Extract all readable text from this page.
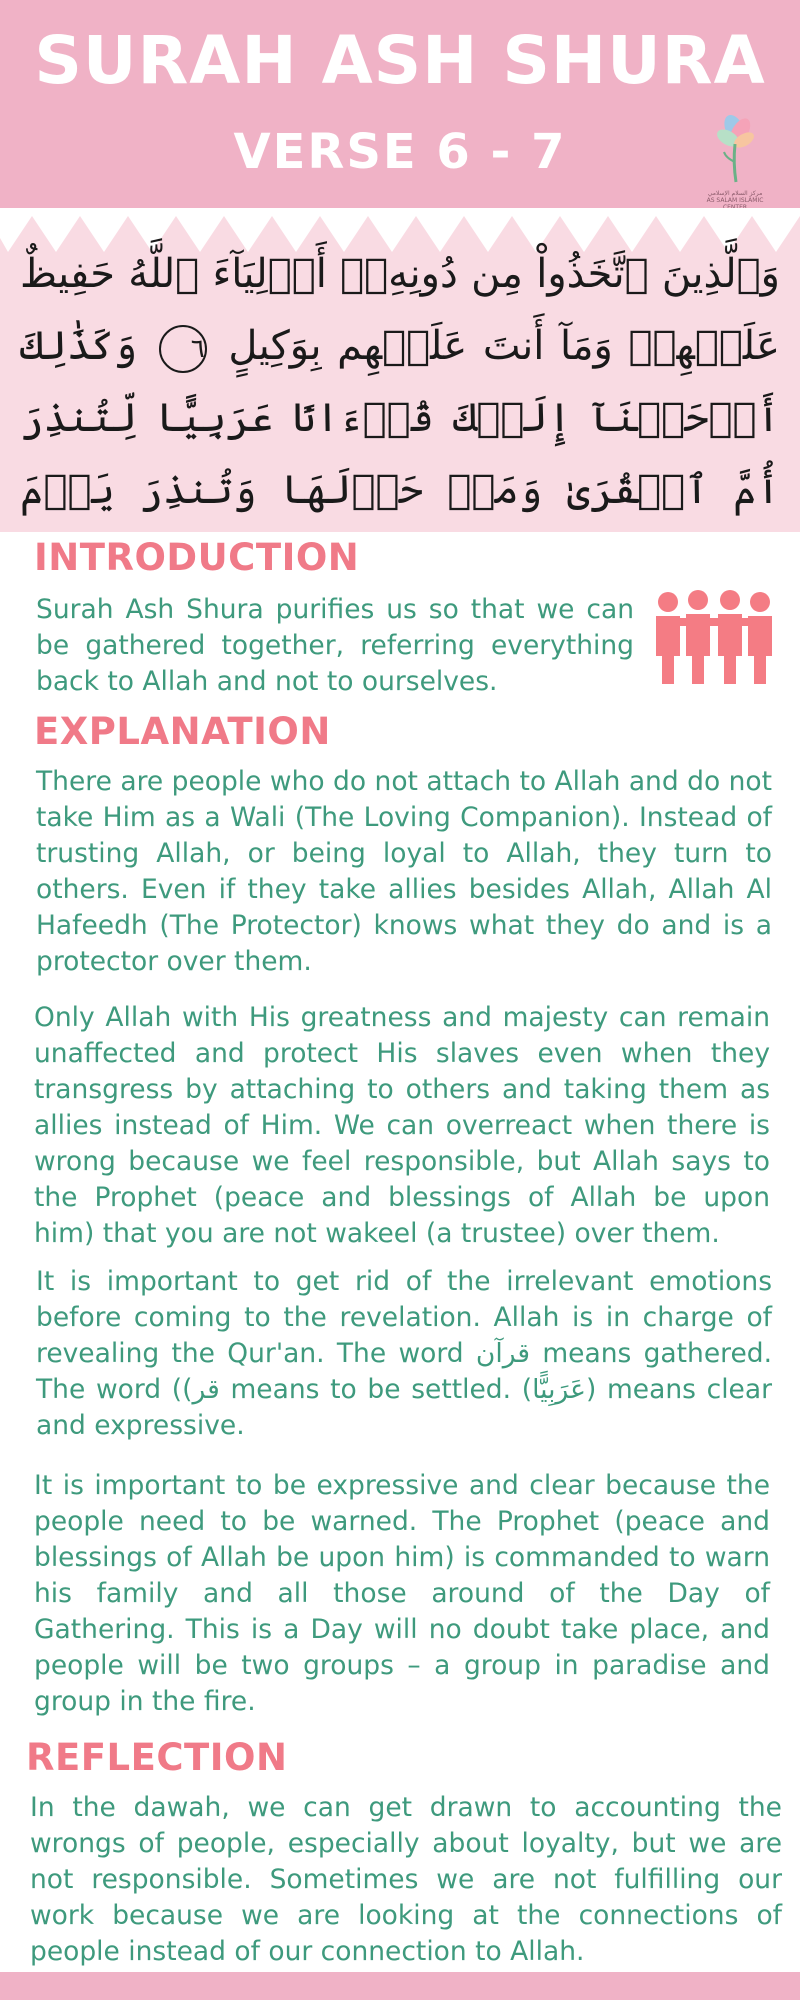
SURAH ASH SHURA
VERSE 6 - 7
مركز السلام الإسلامي
AS SALAM ISLAMIC
وَٱلَّذِينَ ٱتَّخَذُواْ مِن دُونِهِۦٓ أَوۡلِيَآءَ ٱللَّهُ حَفِيظٌ عَلَيۡهِمۡ وَمَآ أَنتَ عَلَيۡهِم بِوَكِيلٍ ٦ وَكَذَٰلِكَ أَوۡحَيۡنَآ إِلَيۡكَ قُرۡءَانًا عَرَبِيًّا لِّتُنذِرَ أُمَّ ٱلۡقُرَىٰ وَمَنۡ حَوۡلَهَا وَتُنذِرَ يَوۡمَ
INTRODUCTION
Surah Ash Shura purifies us so that we can be gathered together, referring everything back to Allah and not to ourselves.
EXPLANATION
There are people who do not attach to Allah and do not take Him as a Wali (The Loving Companion). Instead of trusting Allah, or being loyal to Allah, they turn to others. Even if they take allies besides Allah, Allah Al Hafeedh (The Protector) knows what they do and is a protector over them.
Only Allah with His greatness and majesty can remain unaffected and protect His slaves even when they transgress by attaching to others and taking them as allies instead of Him. We can overreact when there is wrong because we feel responsible, but Allah says to the Prophet (peace and blessings of Allah be upon him) that you are not wakeel (a trustee) over them.
It is important to get rid of the irrelevant emotions before coming to the revelation. Allah is in charge of revealing the Qur'an. The word قرآن means gathered. The word ((قر means to be settled. (عَرَبِيًّا) means clear and expressive.
It is important to be expressive and clear because the people need to be warned. The Prophet (peace and blessings of Allah be upon him) is commanded to warn his family and all those around of the Day of Gathering. This is a Day will no doubt take place, and people will be two groups – a group in paradise and group in the fire.
REFLECTION
In the dawah, we can get drawn to accounting the wrongs of people, especially about loyalty, but we are not responsible. Sometimes we are not fulfilling our work because we are looking at the connections of people instead of our connection to Allah.
